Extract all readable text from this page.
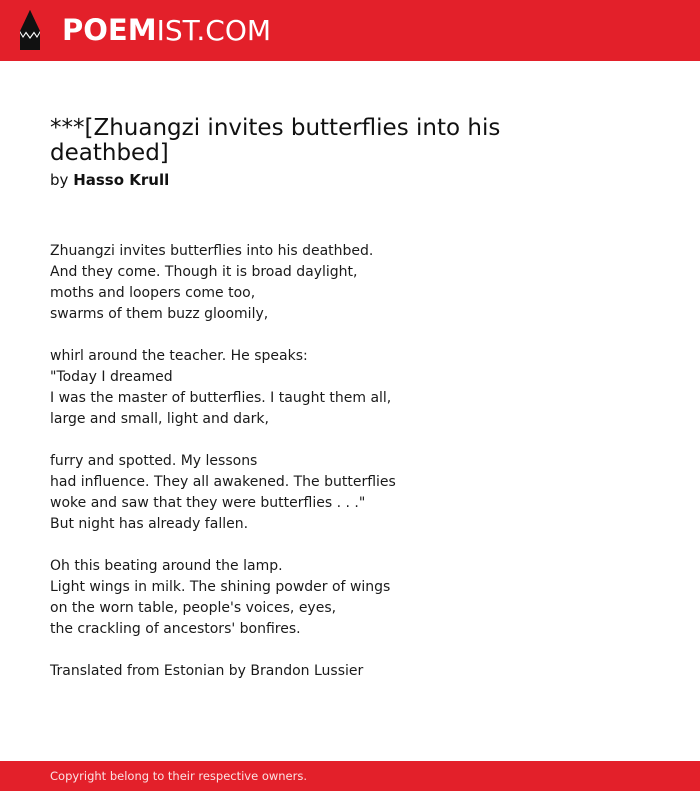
POEMIST.COM
***[Zhuangzi invites butterflies into his deathbed]
by Hasso Krull
Zhuangzi invites butterflies into his deathbed.
And they come. Though it is broad daylight,
moths and loopers come too,
swarms of them buzz gloomily,
whirl around the teacher. He speaks:
"Today I dreamed
I was the master of butterflies. I taught them all,
large and small, light and dark,
furry and spotted. My lessons
had influence. They all awakened. The butterflies
woke and saw that they were butterflies . . ."
But night has already fallen.
Oh this beating around the lamp.
Light wings in milk. The shining powder of wings
on the worn table, people's voices, eyes,
the crackling of ancestors' bonfires.
Translated from Estonian by Brandon Lussier
Copyright belong to their respective owners.
